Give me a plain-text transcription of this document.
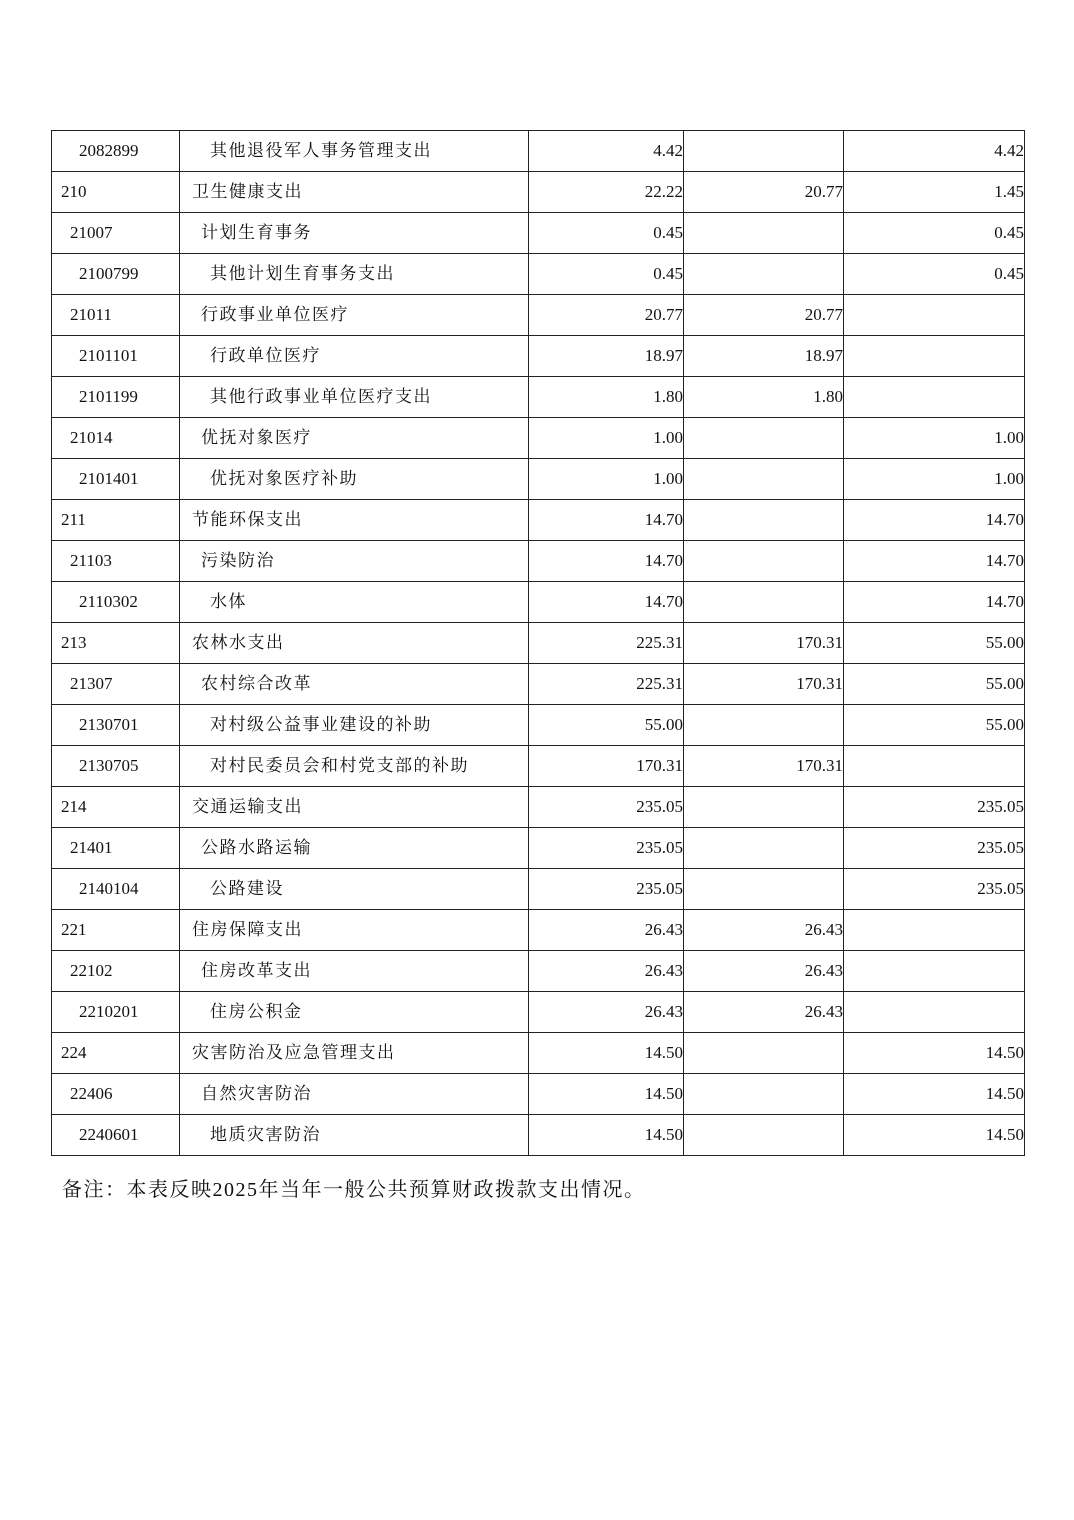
2082899	其他退役军人事务管理支出	4.42		4.42
210	卫生健康支出	22.22	20.77	1.45
21007	计划生育事务	0.45		0.45
2100799	其他计划生育事务支出	0.45		0.45
21011	行政事业单位医疗	20.77	20.77	
2101101	行政单位医疗	18.97	18.97	
2101199	其他行政事业单位医疗支出	1.80	1.80	
21014	优抚对象医疗	1.00		1.00
2101401	优抚对象医疗补助	1.00		1.00
211	节能环保支出	14.70		14.70
21103	污染防治	14.70		14.70
2110302	水体	14.70		14.70
213	农林水支出	225.31	170.31	55.00
21307	农村综合改革	225.31	170.31	55.00
2130701	对村级公益事业建设的补助	55.00		55.00
2130705	对村民委员会和村党支部的补助	170.31	170.31	
214	交通运输支出	235.05		235.05
21401	公路水路运输	235.05		235.05
2140104	公路建设	235.05		235.05
221	住房保障支出	26.43	26.43	
22102	住房改革支出	26.43	26.43	
2210201	住房公积金	26.43	26.43	
224	灾害防治及应急管理支出	14.50		14.50
22406	自然灾害防治	14.50		14.50
2240601	地质灾害防治	14.50		14.50
备注：本表反映2025年当年一般公共预算财政拨款支出情况。
